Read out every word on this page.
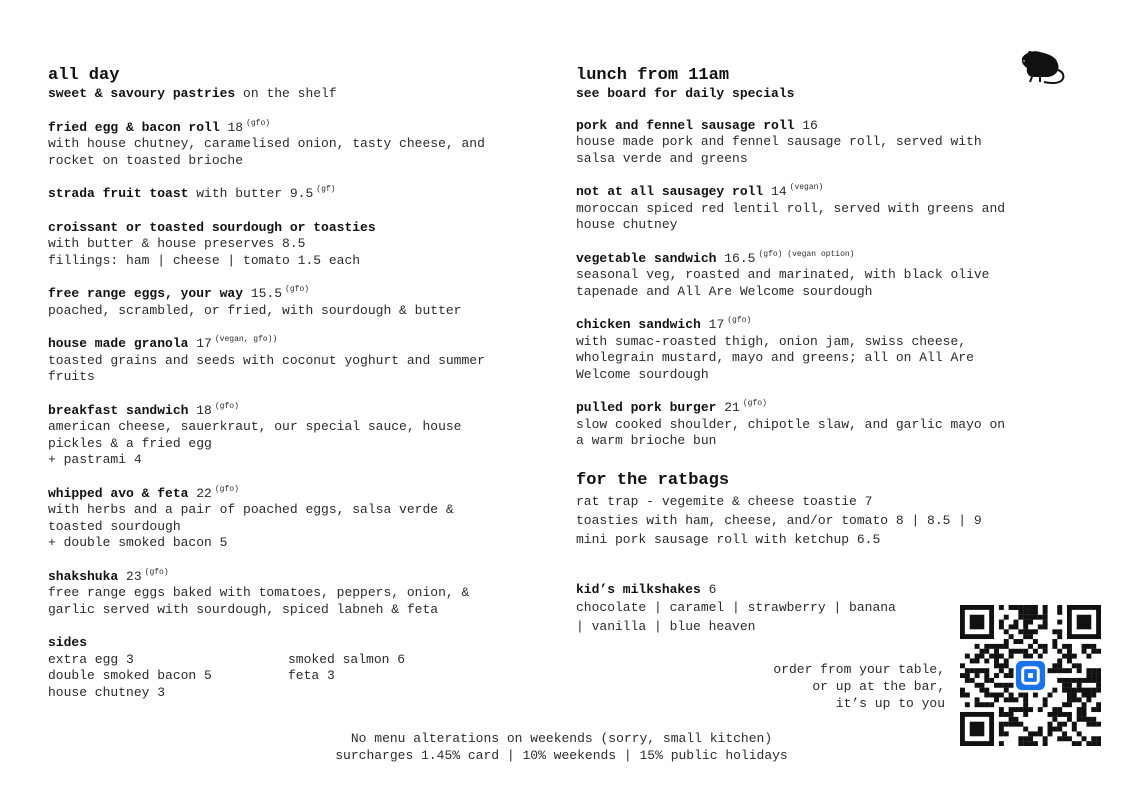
all day
sweet & savoury pastries on the shelf
fried egg & bacon roll 18 $^{(gfo)}$
with house chutney, caramelised onion, tasty cheese, and
rocket on toasted brioche
strada fruit toast with butter 9.5 $^{(gf)}$
croissant or toasted sourdough or toasties
with butter & house preserves 8.5
fillings: ham | cheese | tomato 1.5 each
free range eggs, your way 15.5 $^{(gfo)}$
poached, scrambled, or fried, with sourdough & butter
house made granola 17 $^{(vegan, gfo))}$
toasted grains and seeds with coconut yoghurt and summer
fruits
breakfast sandwich 18 $^{(gfo)}$
american cheese, sauerkraut, our special sauce, house
pickles & a fried egg
+ pastrami 4
whipped avo & feta 22 $^{(gfo)}$
with herbs and a pair of poached eggs, salsa verde &
toasted sourdough
+ double smoked bacon 5
shakshuka 23 $^{(gfo)}$
free range eggs baked with tomatoes, peppers, onion, &
garlic served with sourdough, spiced labneh & feta
sides
extra egg 3
double smoked bacon 5
house chutney 3
smoked salmon 6
feta 3
lunch from 11am
see board for daily specials
pork and fennel sausage roll 16
house made pork and fennel sausage roll, served with
salsa verde and greens
not at all sausagey roll 14 $^{(vegan)}$
moroccan spiced red lentil roll, served with greens and
house chutney
vegetable sandwich 16.5 $^{(gfo) (vegan option)}$
seasonal veg, roasted and marinated, with black olive
tapenade and All Are Welcome sourdough
chicken sandwich 17 $^{(gfo)}$
with sumac-roasted thigh, onion jam, swiss cheese,
wholegrain mustard, mayo and greens; all on All Are
Welcome sourdough
pulled pork burger 21 $^{(gfo)}$
slow cooked shoulder, chipotle slaw, and garlic mayo on
a warm brioche bun
for the ratbags
rat trap - vegemite & cheese toastie 7
toasties with ham, cheese, and/or tomato 8 | 8.5 | 9
mini pork sausage roll with ketchup 6.5
kid’s milkshakes 6
chocolate | caramel | strawberry | banana
| vanilla | blue heaven
order from your table,
or up at the bar,
it’s up to you
No menu alterations on weekends (sorry, small kitchen)
surcharges 1.45% card | 10% weekends | 15% public holidays
